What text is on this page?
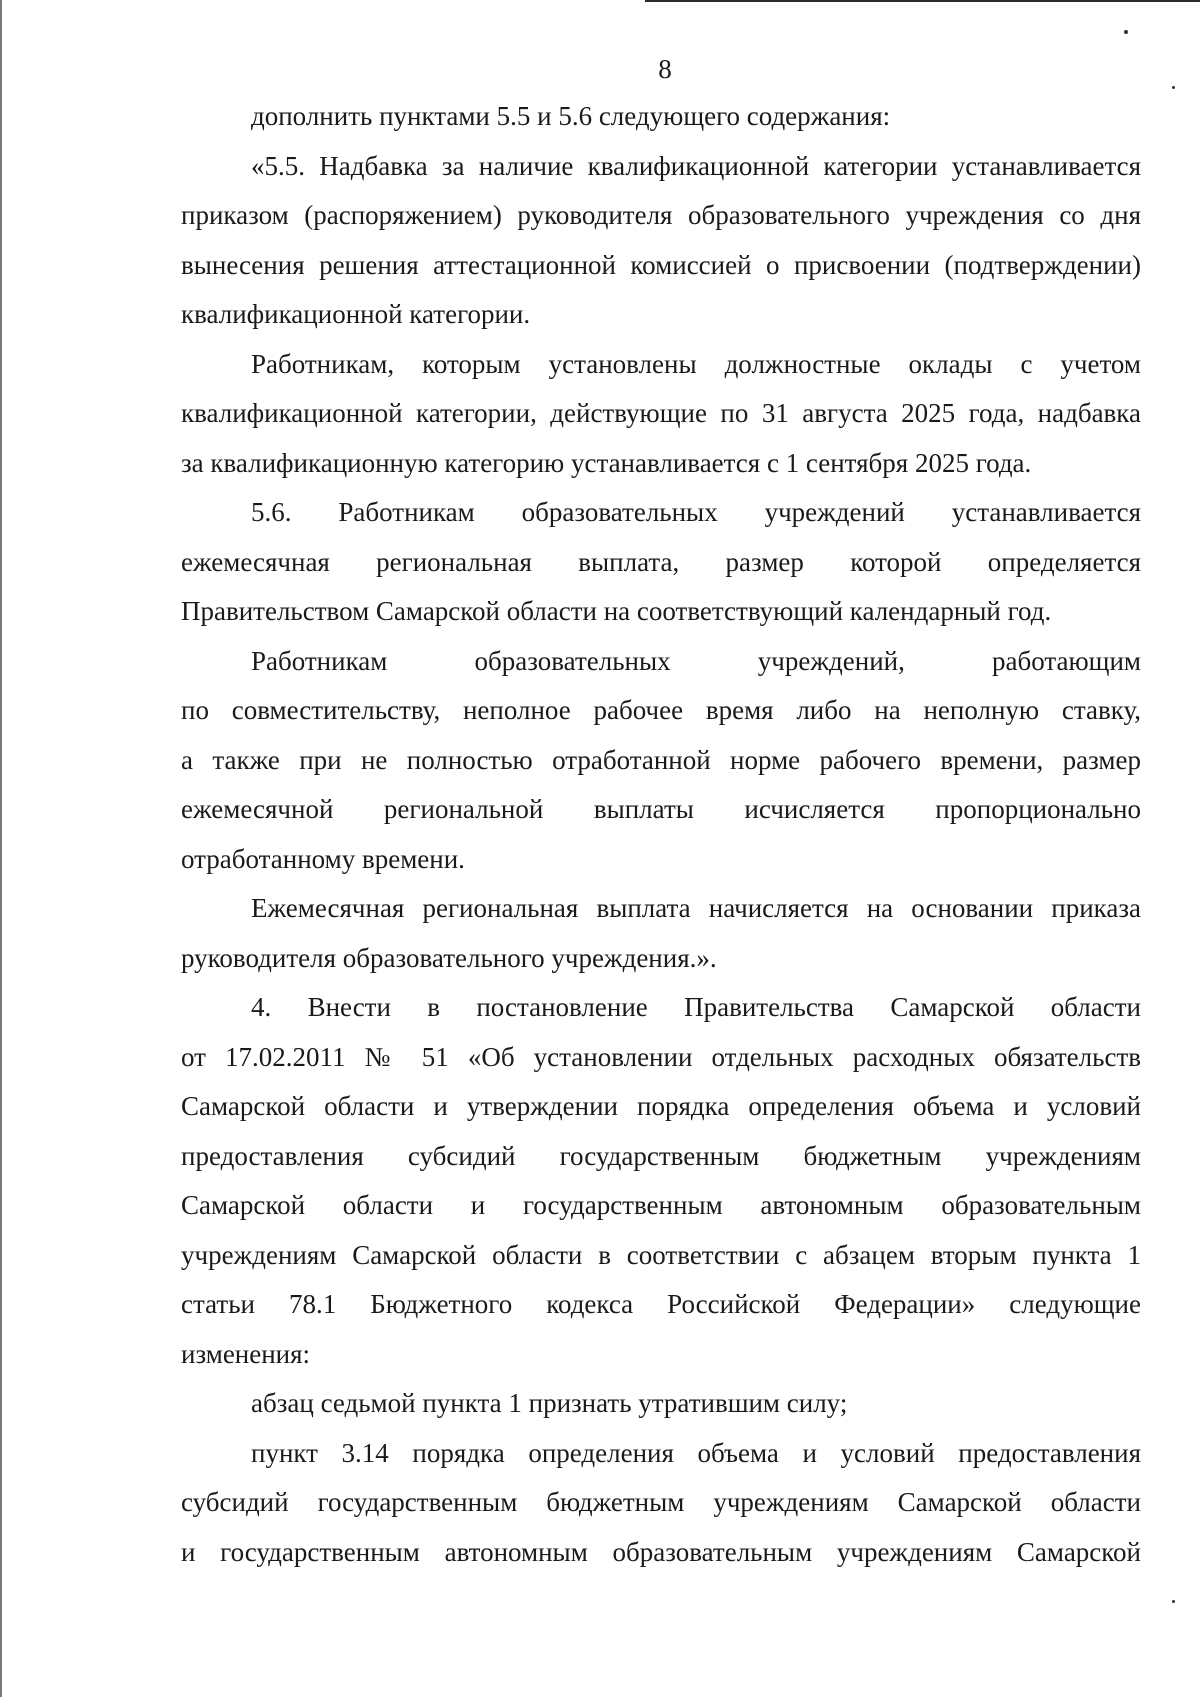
8
дополнить пунктами 5.5 и 5.6 следующего содержания:
«5.5. Надбавка за наличие квалификационной категории устанавливается
приказом (распоряжением) руководителя образовательного учреждения со дня
вынесения решения аттестационной комиссией о присвоении (подтверждении)
квалификационной категории.
Работникам, которым установлены должностные оклады с учетом
квалификационной категории, действующие по 31 августа 2025 года, надбавка
за квалификационную категорию устанавливается с 1 сентября 2025 года.
5.6. Работникам образовательных учреждений устанавливается
ежемесячная региональная выплата, размер которой определяется
Правительством Самарской области на соответствующий календарный год.
Работникам образовательных учреждений, работающим
по совместительству, неполное рабочее время либо на неполную ставку,
а также при не полностью отработанной норме рабочего времени, размер
ежемесячной региональной выплаты исчисляется пропорционально
отработанному времени.
Ежемесячная региональная выплата начисляется на основании приказа
руководителя образовательного учреждения.».
4. Внести в постановление Правительства Самарской области
от 17.02.2011 № 51 «Об установлении отдельных расходных обязательств
Самарской области и утверждении порядка определения объема и условий
предоставления субсидий государственным бюджетным учреждениям
Самарской области и государственным автономным образовательным
учреждениям Самарской области в соответствии с абзацем вторым пункта 1
статьи 78.1 Бюджетного кодекса Российской Федерации» следующие
изменения:
абзац седьмой пункта 1 признать утратившим силу;
пункт 3.14 порядка определения объема и условий предоставления
субсидий государственным бюджетным учреждениям Самарской области
и государственным автономным образовательным учреждениям Самарской
